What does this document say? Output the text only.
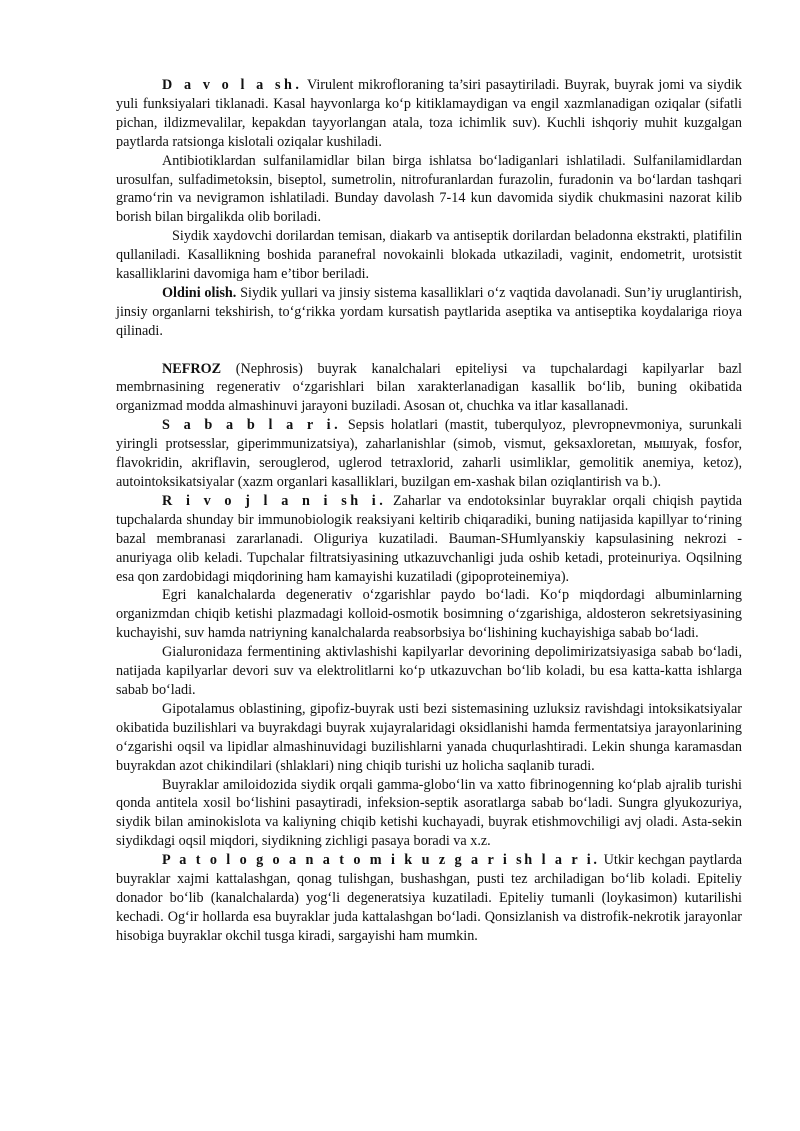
D a v o l a sh. Virulent mikrofloraning ta’siri pasaytiriladi. Buyrak, buyrak jomi va siydik yuli funksiyalari tiklanadi. Kasal hayvonlarga ko‘p kitiklamaydigan va engil xazmlanadigan oziqalar (sifatli pichan, ildizmevalilar, kepakdan tayyorlangan atala, toza ichimlik suv). Kuchli ishqoriy muhit kuzgalgan paytlarda ratsionga kislotali oziqalar kushiladi.

Antibiotiklardan sulfanilamidlar bilan birga ishlatsa bo‘ladiganlari ishlatiladi. Sulfanilamidlardan urosulfan, sulfadimetoksin, biseptol, sumetrolin, nitrofuranlardan furazolin, furadonin va bo‘lardan tashqari gramo‘rin va nevigramon ishlatiladi. Bunday davolash 7-14 kun davomida siydik chukmasini nazorat kilib borish bilan birgalikda olib boriladi.

Siydik xaydovchi dorilardan temisan, diakarb va antiseptik dorilardan beladonna ekstrakti, platifilin qullaniladi. Kasallikning boshida paranefral novokainli blokada utkaziladi, vaginit, endometrit, urotsistit kasalliklarini davomiga ham e’tibor beriladi.

Oldini olish. Siydik yullari va jinsiy sistema kasalliklari o‘z vaqtida davolanadi. Sun’iy uruglantirish, jinsiy organlarni tekshirish, to‘g‘rikka yordam kursatish paytlarida aseptika va antiseptika koydalariga rioya qilinadi.

NEFROZ (Nephrosis) buyrak kanalchalari epiteliysi va tupchalardagi kapilyarlar bazl membrnasining regenerativ o‘zgarishlari bilan xarakterlanadigan kasallik bo‘lib, buning okibatida organizmad modda almashinuvi jarayoni buziladi. Asosan ot, chuchka va itlar kasallanadi.

S a b a b l a r i. Sepsis holatlari (mastit, tuberqulyoz, plevropnevmoniya, surunkali yiringli protsesslar, giperimmunizatsiya), zaharlanishlar (simob, vismut, geksaxloretan, мышyak, fosfor, flavokridin, akriflavin, serouglerod, uglerod tetraxlorid, zaharli usimliklar, gemolitik anemiya, ketoz), autointoksikatsiyalar (xazm organlari kasalliklari, buzilgan em-xashak bilan oziqlantirish va b.).

R i v o j l a n i sh i. Zaharlar va endotoksinlar buyraklar orqali chiqish paytida tupchalarda shunday bir immunobiologik reaksiyani keltirib chiqaradiki, buning natijasida kapillyar to‘rining bazal membranasi zararlanadi. Oliguriya kuzatiladi. Bauman-SHumlyanskiy kapsulasining nekrozi - anuriyaga olib keladi. Tupchalar filtratsiyasining utkazuvchanligi juda oshib ketadi, proteinuriya. Oqsilning esa qon zardobidagi miqdorining ham kamayishi kuzatiladi (gipoproteinemiya).

Egri kanalchalarda degenerativ o‘zgarishlar paydo bo‘ladi. Ko‘p miqdordagi albuminlarning organizmdan chiqib ketishi plazmadagi kolloid-osmotik bosimning o‘zgarishiga, aldosteron sekretsiyasining kuchayishi, suv hamda natriyning kanalchalarda reabsorbsiya bo‘lishining kuchayishiga sabab bo‘ladi.

Gialuronidaza fermentining aktivlashishi kapilyarlar devorining depolimirizatsiyasiga sabab bo‘ladi, natijada kapilyarlar devori suv va elektrolitlarni ko‘p utkazuvchan bo‘lib koladi, bu esa katta-katta ishlarga sabab bo‘ladi.

Gipotalamus oblastining, gipofiz-buyrak usti bezi sistemasining uzluksiz ravishdagi intoksikatsiyalar okibatida buzilishlari va buyrakdagi buyrak xujayralaridagi oksidlanishi hamda fermentatsiya jarayonlarining o‘zgarishi oqsil va lipidlar almashinuvidagi buzilishlarni yanada chuqurlashtiradi. Lekin shunga karamasdan buyrakdan azot chikindilari (shlaklari) ning chiqib turishi uz holicha saqlanib turadi.

Buyraklar amiloidozida siydik orqali gamma-globo‘lin va xatto fibrinogenning ko‘plab ajralib turishi qonda antitela xosil bo‘lishini pasaytiradi, infeksion-septik asoratlarga sabab bo‘ladi. Sungra glyukozuriya, siydik bilan aminokislota va kaliyning chiqib ketishi kuchayadi, buyrak etishmovchiligi avj oladi. Asta-sekin siydikdagi oqsil miqdori, siydikning zichligi pasaya boradi va x.z.

P a t o l o g o a n a t o m i k u z g a r i sh l a r i. Utkir kechgan paytlarda buyraklar xajmi kattalashgan, qonag tulishgan, bushashgan, pusti tez archiladigan bo‘lib koladi. Epiteliy donador bo‘lib (kanalchalarda) yog‘li degeneratsiya kuzatiladi. Epiteliy tumanli (loykasimon) kutarilishi kechadi. Og‘ir hollarda esa buyraklar juda kattalashgan bo‘ladi. Qonsizlanish va distrofik-nekrotik jarayonlar hisobiga buyraklar okchil tusga kiradi, sargayishi ham mumkin.
